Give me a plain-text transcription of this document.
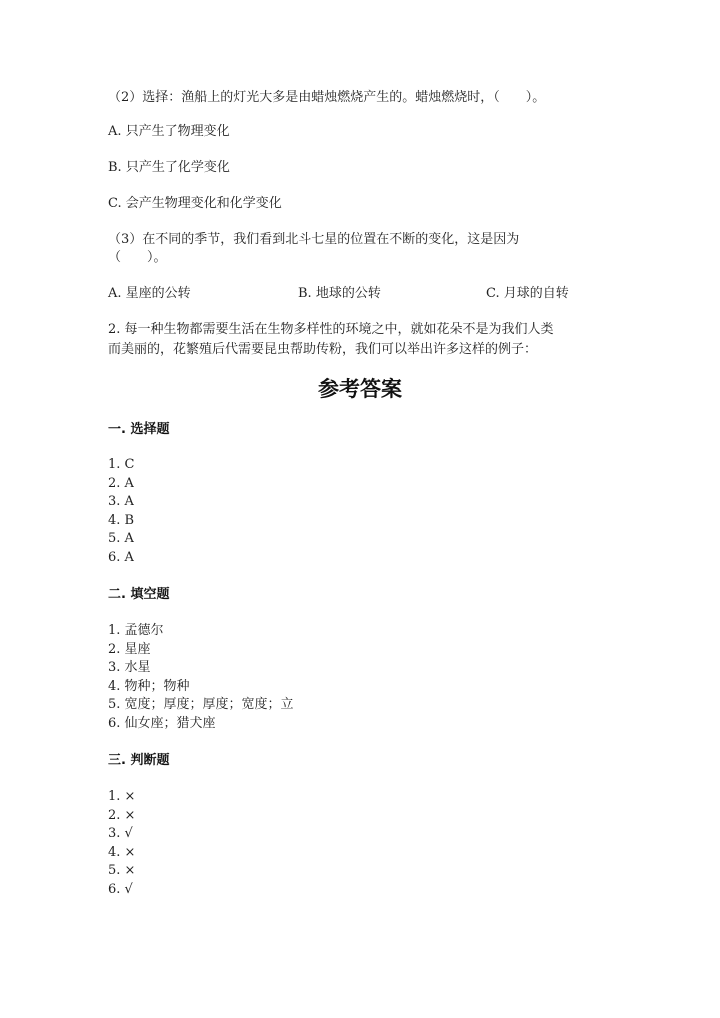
（2）选择：渔船上的灯光大多是由蜡烛燃烧产生的。蜡烛燃烧时，（　　）。
A. 只产生了物理变化
B. 只产生了化学变化
C. 会产生物理变化和化学变化
（3）在不同的季节，我们看到北斗七星的位置在不断的变化，这是因为
（　　）。
A. 星座的公转	B. 地球的公转	C. 月球的自转
2. 每一种生物都需要生活在生物多样性的环境之中，就如花朵不是为我们人类
而美丽的，花繁殖后代需要昆虫帮助传粉，我们可以举出许多这样的例子：
参考答案
一. 选择题
1. C
2. A
3. A
4. B
5. A
6. A
二. 填空题
1. 孟德尔
2. 星座
3. 水星
4. 物种；物种
5. 宽度；厚度；厚度；宽度；立
6. 仙女座；猎犬座
三. 判断题
1. ×
2. ×
3. √
4. ×
5. ×
6. √
